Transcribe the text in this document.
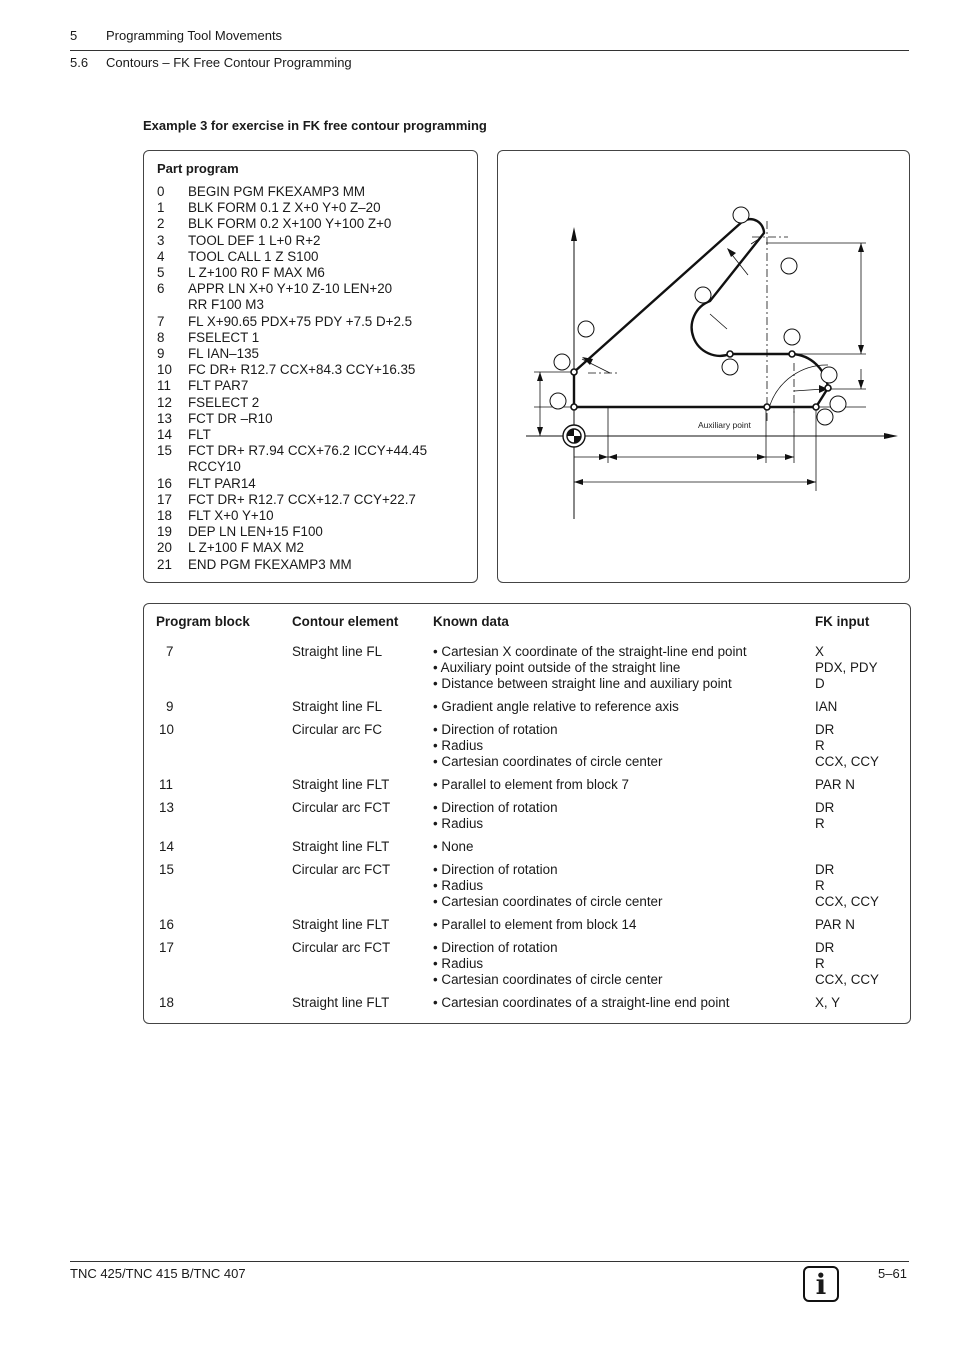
5 Programming Tool Movements
5.6 Contours – FK Free Contour Programming
Example 3 for exercise in FK free contour programming
Part program
0	BEGIN PGM FKEXAMP3 MM
1	BLK FORM 0.1 Z X+0 Y+0 Z–20
2	BLK FORM 0.2 X+100 Y+100 Z+0
3	TOOL DEF 1 L+0 R+2
4	TOOL CALL 1 Z S100
5	L Z+100 R0 F MAX M6
6	APPR LN X+0 Y+10 Z-10 LEN+20
RR F100 M3
7	FL X+90.65 PDX+75 PDY +7.5 D+2.5
8	FSELECT 1
9	FL IAN–135
10	FC DR+ R12.7 CCX+84.3 CCY+16.35
11	FLT PAR7
12	FSELECT 2
13	FCT DR –R10
14	FLT
15	FCT DR+ R7.94 CCX+76.2 ICCY+44.45
RCCY10
16	FLT PAR14
17	FCT DR+ R12.7 CCX+12.7 CCY+22.7
18	FLT X+0 Y+10
19	DEP LN LEN+15 F100
20	L Z+100 F MAX M2
21	END PGM FKEXAMP3 MM
Auxiliary point
Program block	Contour element	Known data	FK input
7	Straight line FL	• Cartesian X coordinate of the straight-line end point
• Auxiliary point outside of the straight line
• Distance between straight line and auxiliary point	X
PDX, PDY
D

9	Straight line FL	• Gradient angle relative to reference axis	IAN

10	Circular arc FC	• Direction of rotation
• Radius
• Cartesian coordinates of circle center	DR
R
CCX, CCY

11	Straight line FLT	• Parallel to element from block 7	PAR N

13	Circular arc FCT	• Direction of rotation
• Radius	DR
R

14	Straight line FLT	• None	

15	Circular arc FCT	• Direction of rotation
• Radius
• Cartesian coordinates of circle center	DR
R
CCX, CCY

16	Straight line FLT	• Parallel to element from block 14	PAR N

17	Circular arc FCT	• Direction of rotation
• Radius
• Cartesian coordinates of circle center	DR
R
CCX, CCY

18	Straight line FLT	• Cartesian coordinates of a straight-line end point	X, Y
TNC 425/TNC 415 B/TNC 407	i	5–61
